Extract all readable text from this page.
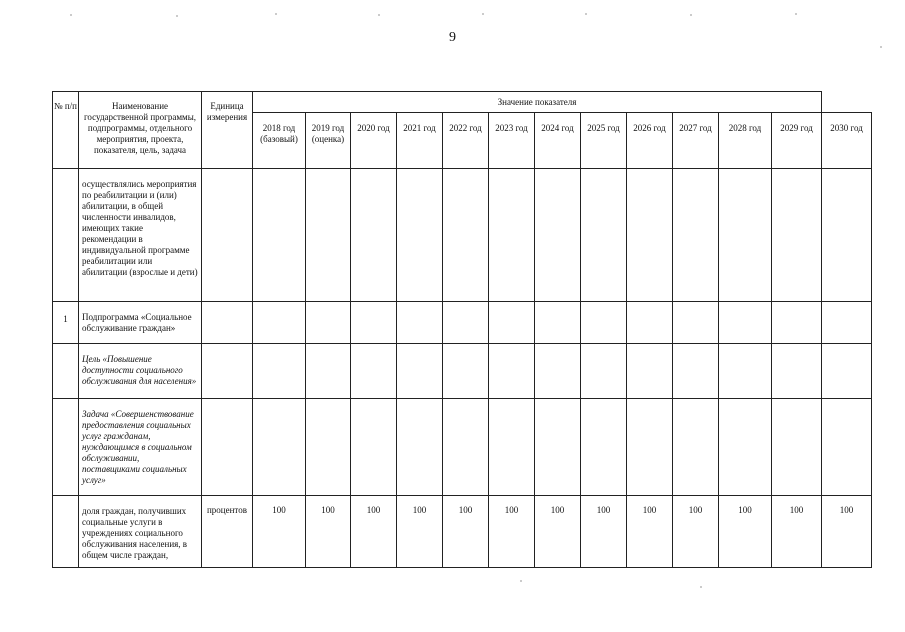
9
№ п/п	Наименование государственной программы, подпрограммы, отдельного мероприятия, проекта, показателя, цель, задача	Единица измерения	Значение показателя												
			2018 год (базовый)	2019 год (оценка)	2020 год	2021 год	2022 год	2023 год	2024 год	2025 год	2026 год	2027 год	2028 год	2029 год	2030 год
	осуществлялись мероприятия по реабилитации и (или) абилитации, в общей численности инвалидов, имеющих такие рекомендации в индивидуальной программе реабилитации или абилитации (взрослые и дети)														
1	Подпрограмма «Социальное обслуживание граждан»														
	Цель «Повышение доступности социального обслуживания для населения»														
	Задача «Совершенствование предоставления социальных услуг гражданам, нуждающимся в социальном обслуживании, поставщиками социальных услуг»														
	доля граждан, получивших социальные услуги в учреждениях социального обслуживания населения, в общем числе граждан,	процентов	100	100	100	100	100	100	100	100	100	100	100	100	100
